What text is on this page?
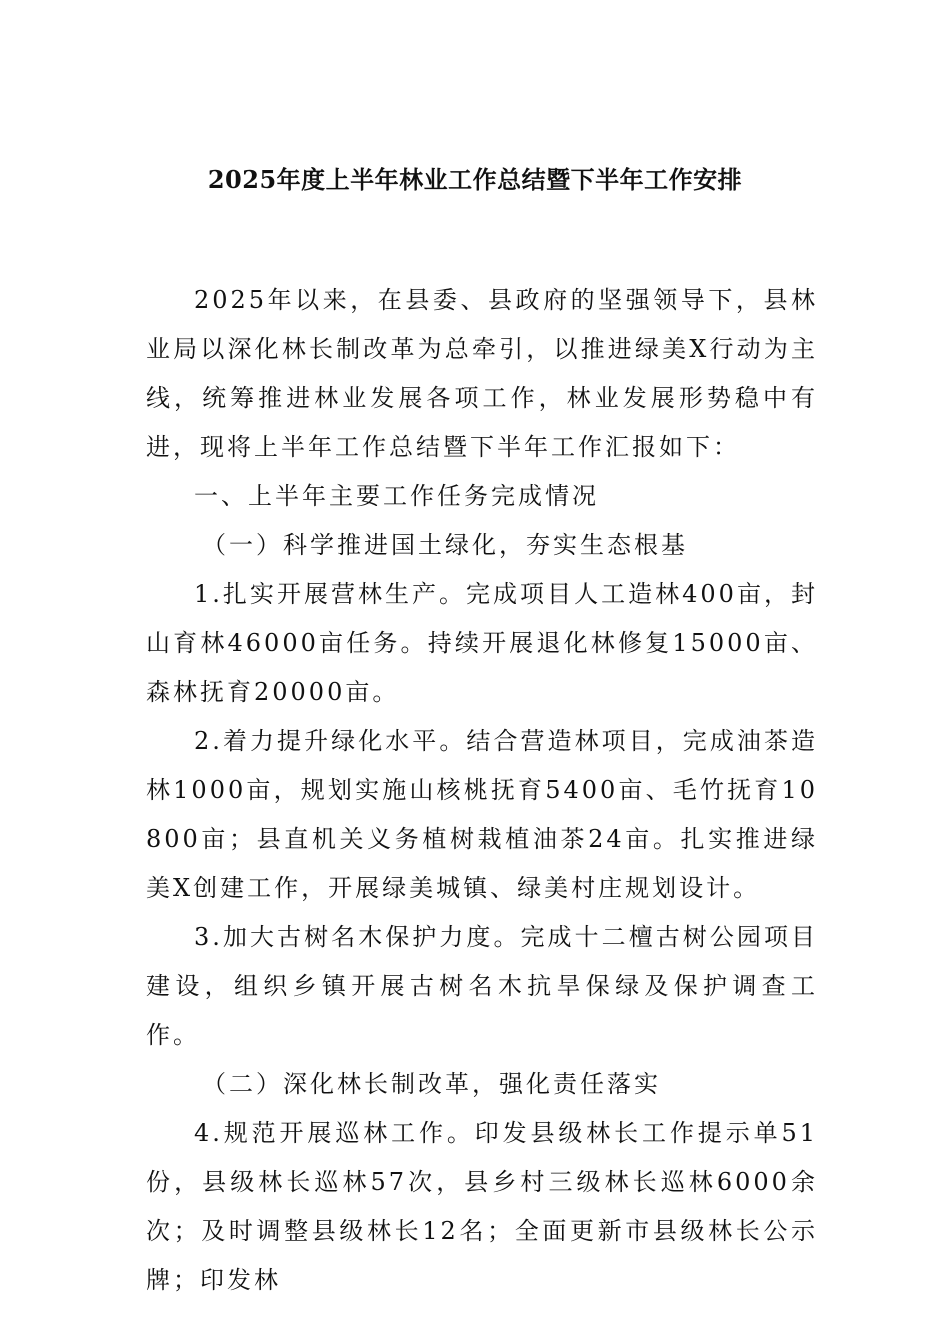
2025年度上半年林业工作总结暨下半年工作安排

2025年以来，在县委、县政府的坚强领导下，县林业局以深化林长制改革为总牵引，以推进绿美X行动为主线，统筹推进林业发展各项工作，林业发展形势稳中有进，现将上半年工作总结暨下半年工作汇报如下：

一、上半年主要工作任务完成情况

（一）科学推进国土绿化，夯实生态根基

1.扎实开展营林生产。完成项目人工造林400亩，封山育林46000亩任务。持续开展退化林修复15000亩、森林抚育20000亩。

2.着力提升绿化水平。结合营造林项目，完成油茶造林1000亩，规划实施山核桃抚育5400亩、毛竹抚育10800亩；县直机关义务植树栽植油茶24亩。扎实推进绿美X创建工作，开展绿美城镇、绿美村庄规划设计。

3.加大古树名木保护力度。完成十二檀古树公园项目建设，组织乡镇开展古树名木抗旱保绿及保护调查工作。

（二）深化林长制改革，强化责任落实

4.规范开展巡林工作。印发县级林长工作提示单51份，县级林长巡林57次，县乡村三级林长巡林6000余次；及时调整县级林长12名；全面更新市县级林长公示牌；印发林
